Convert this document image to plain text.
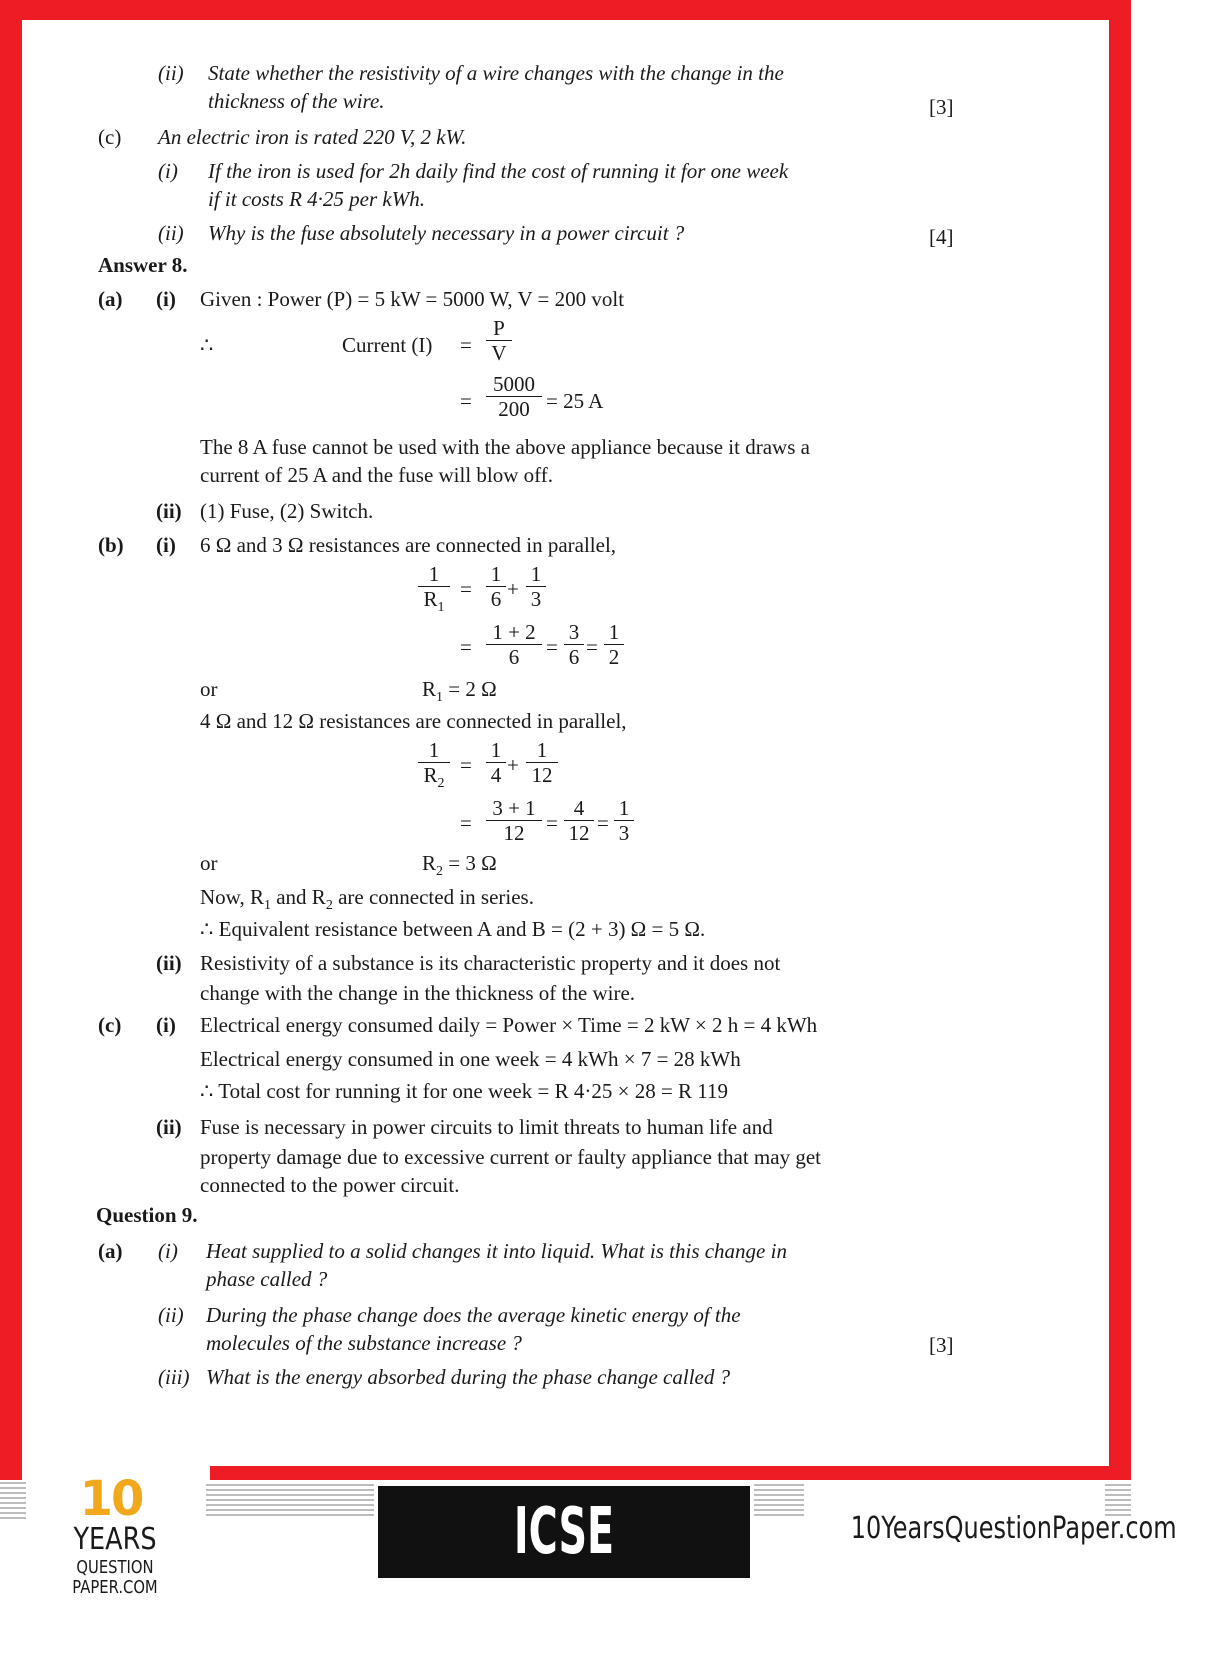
(ii) State whether the resistivity of a wire changes with the change in the
thickness of the wire.	[3]
(c) An electric iron is rated 220 V, 2 kW.
(i) If the iron is used for 2h daily find the cost of running it for one week
if it costs R 4·25 per kWh.
(ii) Why is the fuse absolutely necessary in a power circuit ?	[4]
Answer 8.
(a) (i) Given : Power (P) = 5 kW = 5000 W, V = 200 volt
∴	Current $(I) = \frac{P}{V}$
= $\frac{5000}{200} = 25$ A
The 8 A fuse cannot be used with the above appliance because it draws a
current of 25 A and the fuse will blow off.
(ii) (1) Fuse, (2) Switch.
(b) (i) 6 Ω and 3 Ω resistances are connected in parallel,
$\frac{1}{R_1} = \frac{1}{6} + \frac{1}{3}$
= $\frac{1 + 2}{6} = \frac{3}{6} = \frac{1}{2}$
or	$R_1 = 2$ Ω
4 Ω and 12 Ω resistances are connected in parallel,
$\frac{1}{R_2} = \frac{1}{4} + \frac{1}{12}$
= $\frac{3 + 1}{12} = \frac{4}{12} = \frac{1}{3}$
or	$R_2 = 3$ Ω
Now, $R_1$ and $R_2$ are connected in series.
∴ Equivalent resistance between A and B = (2 + 3) Ω = 5 Ω.
(ii) Resistivity of a substance is its characteristic property and it does not
change with the change in the thickness of the wire.
(c) (i) Electrical energy consumed daily = Power × Time = 2 kW × 2 h = 4 kWh
Electrical energy consumed in one week = 4 kWh × 7 = 28 kWh
∴ Total cost for running it for one week = R 4·25 × 28 = R 119
(ii) Fuse is necessary in power circuits to limit threats to human life and
property damage due to excessive current or faulty appliance that may get
connected to the power circuit.
Question 9.
(a) (i) Heat supplied to a solid changes it into liquid. What is this change in
phase called ?
(ii) During the phase change does the average kinetic energy of the
molecules of the substance increase ?	[3]
(iii) What is the energy absorbed during the phase change called ?
10
YEARS
QUESTION PAPER.COM
ICSE BOARD X
10YearsQuestionPaper.com
